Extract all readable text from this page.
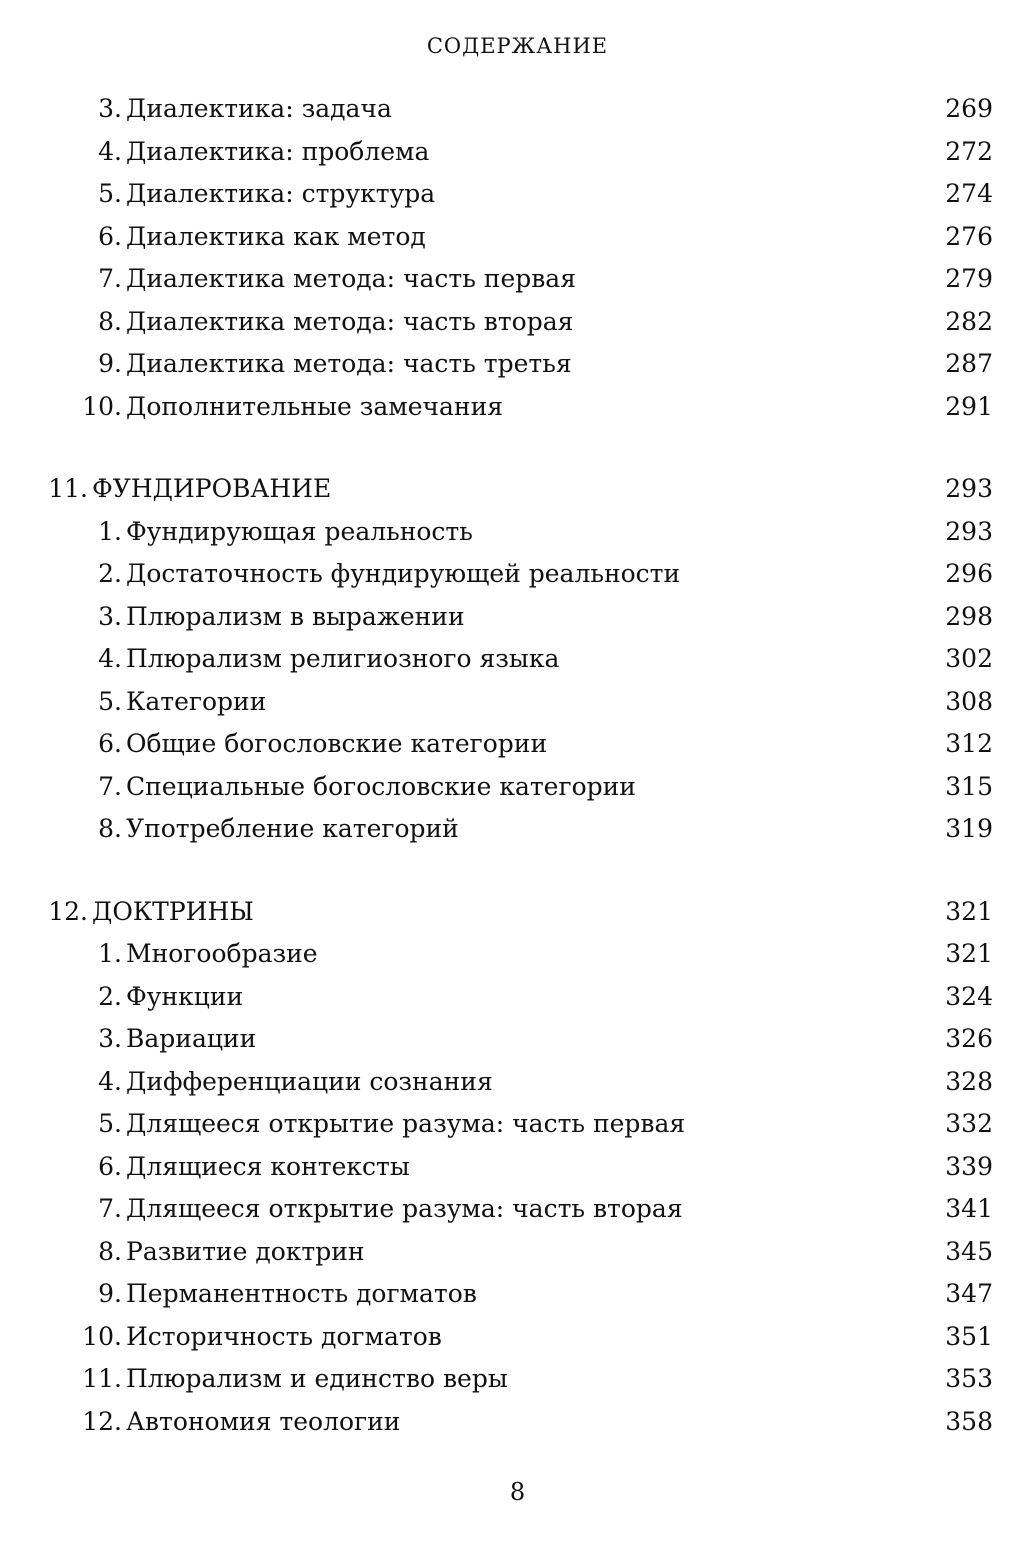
СОДЕРЖАНИЕ
3. Диалектика: задача	269
4. Диалектика: проблема	272
5. Диалектика: структура	274
6. Диалектика как метод	276
7. Диалектика метода: часть первая	279
8. Диалектика метода: часть вторая	282
9. Диалектика метода: часть третья	287
10. Дополнительные замечания	291
11. ФУНДИРОВАНИЕ	293
1. Фундирующая реальность	293
2. Достаточность фундирующей реальности	296
3. Плюрализм в выражении	298
4. Плюрализм религиозного языка	302
5. Категории	308
6. Общие богословские категории	312
7. Специальные богословские категории	315
8. Употребление категорий	319
12. ДОКТРИНЫ	321
1. Многообразие	321
2. Функции	324
3. Вариации	326
4. Дифференциации сознания	328
5. Длящееся открытие разума: часть первая	332
6. Длящиеся контексты	339
7. Длящееся открытие разума: часть вторая	341
8. Развитие доктрин	345
9. Перманентность догматов	347
10. Историчность догматов	351
11. Плюрализм и единство веры	353
12. Автономия теологии	358
8
